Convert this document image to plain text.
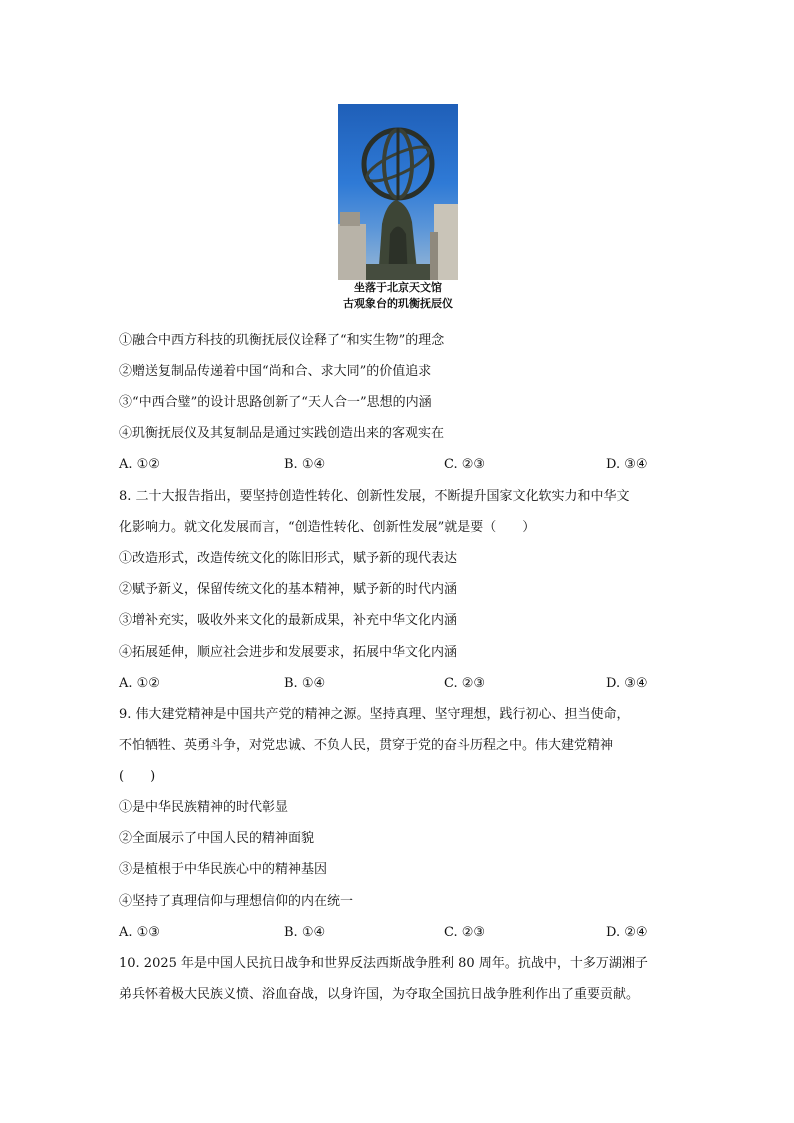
坐落于北京天文馆
古观象台的玑衡抚辰仪
①融合中西方科技的玑衡抚辰仪诠释了“和实生物”的理念
②赠送复制品传递着中国“尚和合、求大同”的价值追求
③“中西合璧”的设计思路创新了“天人合一”思想的内涵
④玑衡抚辰仪及其复制品是通过实践创造出来的客观实在
A. ①②	B. ①④	C. ②③	D. ③④
8. 二十大报告指出，要坚持创造性转化、创新性发展，不断提升国家文化软实力和中华文
化影响力。就文化发展而言，“创造性转化、创新性发展”就是要（　　）
①改造形式，改造传统文化的陈旧形式，赋予新的现代表达
②赋予新义，保留传统文化的基本精神，赋予新的时代内涵
③增补充实，吸收外来文化的最新成果，补充中华文化内涵
④拓展延伸，顺应社会进步和发展要求，拓展中华文化内涵
A. ①②	B. ①④	C. ②③	D. ③④
9. 伟大建党精神是中国共产党的精神之源。坚持真理、坚守理想，践行初心、担当使命，
不怕牺牲、英勇斗争，对党忠诚、不负人民，贯穿于党的奋斗历程之中。伟大建党精神
(　　)
①是中华民族精神的时代彰显
②全面展示了中国人民的精神面貌
③是植根于中华民族心中的精神基因
④坚持了真理信仰与理想信仰的内在统一
A. ①③	B. ①④	C. ②③	D. ②④
10. 2025 年是中国人民抗日战争和世界反法西斯战争胜利 80 周年。抗战中，十多万湖湘子
弟兵怀着极大民族义愤、浴血奋战，以身许国，为夺取全国抗日战争胜利作出了重要贡献。
